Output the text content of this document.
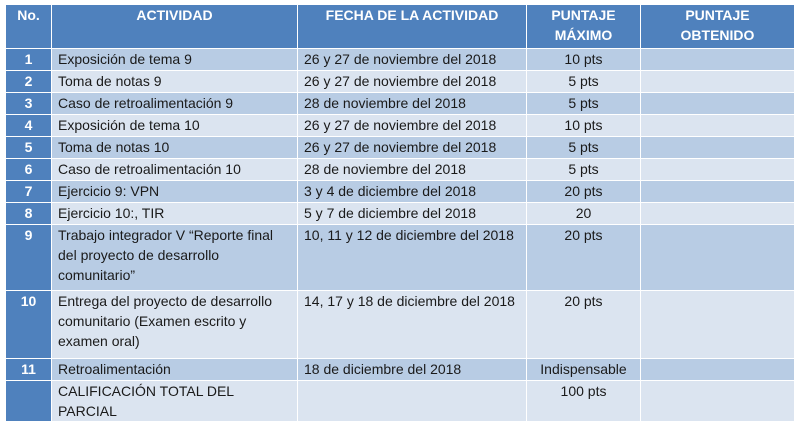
No.	ACTIVIDAD	FECHA DE LA ACTIVIDAD	PUNTAJE MÁXIMO	PUNTAJE OBTENIDO
1	Exposición de tema 9	26 y 27 de noviembre del 2018	10 pts	
2	Toma de notas 9	26 y 27 de noviembre del 2018	5 pts	
3	Caso de retroalimentación 9	28 de noviembre del 2018	5 pts	
4	Exposición de tema 10	26 y 27 de noviembre del 2018	10 pts	
5	Toma de notas 10	26 y 27 de noviembre del 2018	5 pts	
6	Caso de retroalimentación 10	28 de noviembre del 2018	5 pts	
7	Ejercicio 9: VPN	3 y 4 de diciembre del 2018	20 pts	
8	Ejercicio 10:, TIR	5 y 7 de diciembre del 2018	20	
9	Trabajo integrador V “Reporte final del proyecto de desarrollo comunitario”	10, 11 y 12 de diciembre del 2018	20 pts	
10	Entrega del proyecto de desarrollo comunitario (Examen escrito y examen oral)	14, 17 y 18 de diciembre del 2018	20 pts	
11	Retroalimentación	18 de diciembre del 2018	Indispensable	
	CALIFICACIÓN TOTAL DEL PARCIAL		100 pts	
